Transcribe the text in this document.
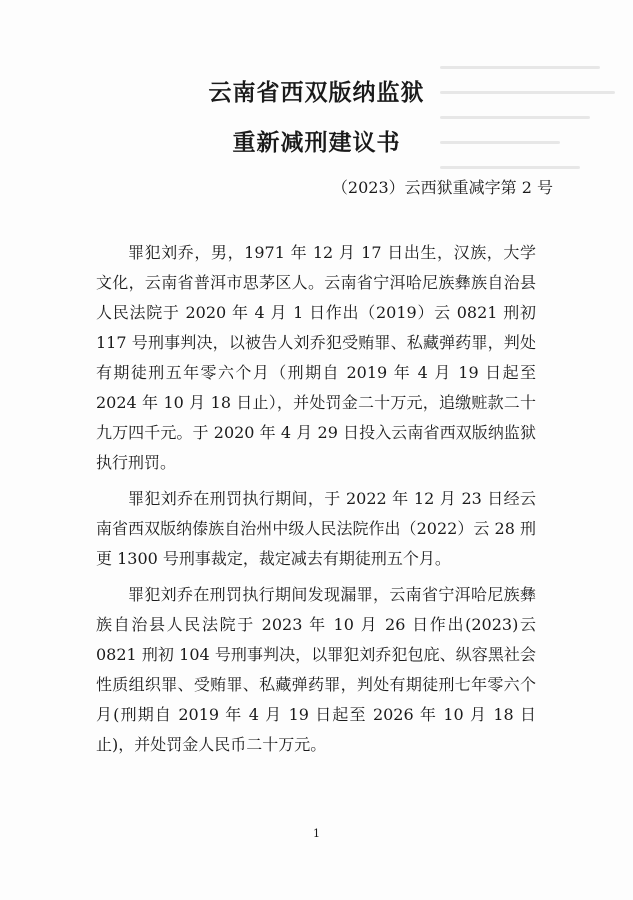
云南省西双版纳监狱
重新减刑建议书
（2023）云西狱重减字第 2 号

罪犯刘乔，男，1971 年 12 月 17 日出生，汉族，大学文化，云南省普洱市思茅区人。云南省宁洱哈尼族彝族自治县人民法院于 2020 年 4 月 1 日作出（2019）云 0821 刑初 117 号刑事判决，以被告人刘乔犯受贿罪、私藏弹药罪，判处有期徒刑五年零六个月（刑期自 2019 年 4 月 19 日起至 2024 年 10 月 18 日止），并处罚金二十万元，追缴赃款二十九万四千元。于 2020 年 4 月 29 日投入云南省西双版纳监狱执行刑罚。

罪犯刘乔在刑罚执行期间，于 2022 年 12 月 23 日经云南省西双版纳傣族自治州中级人民法院作出（2022）云 28 刑更 1300 号刑事裁定，裁定减去有期徒刑五个月。

罪犯刘乔在刑罚执行期间发现漏罪，云南省宁洱哈尼族彝族自治县人民法院于 2023 年 10 月 26 日作出(2023)云 0821 刑初 104 号刑事判决，以罪犯刘乔犯包庇、纵容黑社会性质组织罪、受贿罪、私藏弹药罪，判处有期徒刑七年零六个月(刑期自 2019 年 4 月 19 日起至 2026 年 10 月 18 日止)，并处罚金人民币二十万元。

1
